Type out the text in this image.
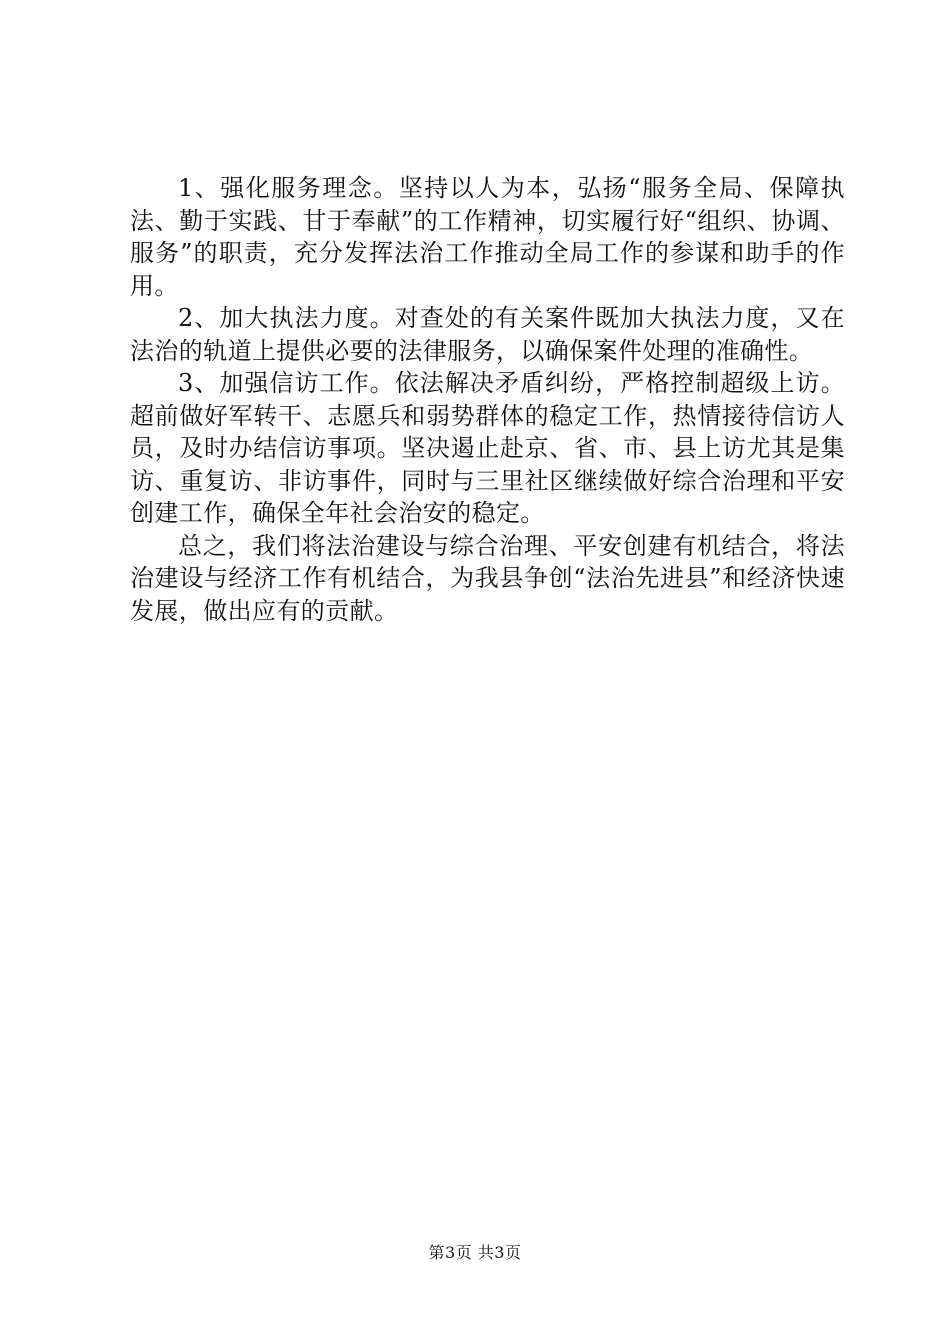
1、强化服务理念。坚持以人为本，弘扬“服务全局、保障执法、勤于实践、甘于奉献”的工作精神，切实履行好“组织、协调、服务”的职责，充分发挥法治工作推动全局工作的参谋和助手的作用。

2、加大执法力度。对查处的有关案件既加大执法力度，又在法治的轨道上提供必要的法律服务，以确保案件处理的准确性。

3、加强信访工作。依法解决矛盾纠纷，严格控制超级上访。超前做好军转干、志愿兵和弱势群体的稳定工作，热情接待信访人员，及时办结信访事项。坚决遏止赴京、省、市、县上访尤其是集访、重复访、非访事件，同时与三里社区继续做好综合治理和平安创建工作，确保全年社会治安的稳定。

总之，我们将法治建设与综合治理、平安创建有机结合，将法治建设与经济工作有机结合，为我县争创“法治先进县”和经济快速发展，做出应有的贡献。

第3页 共3页
